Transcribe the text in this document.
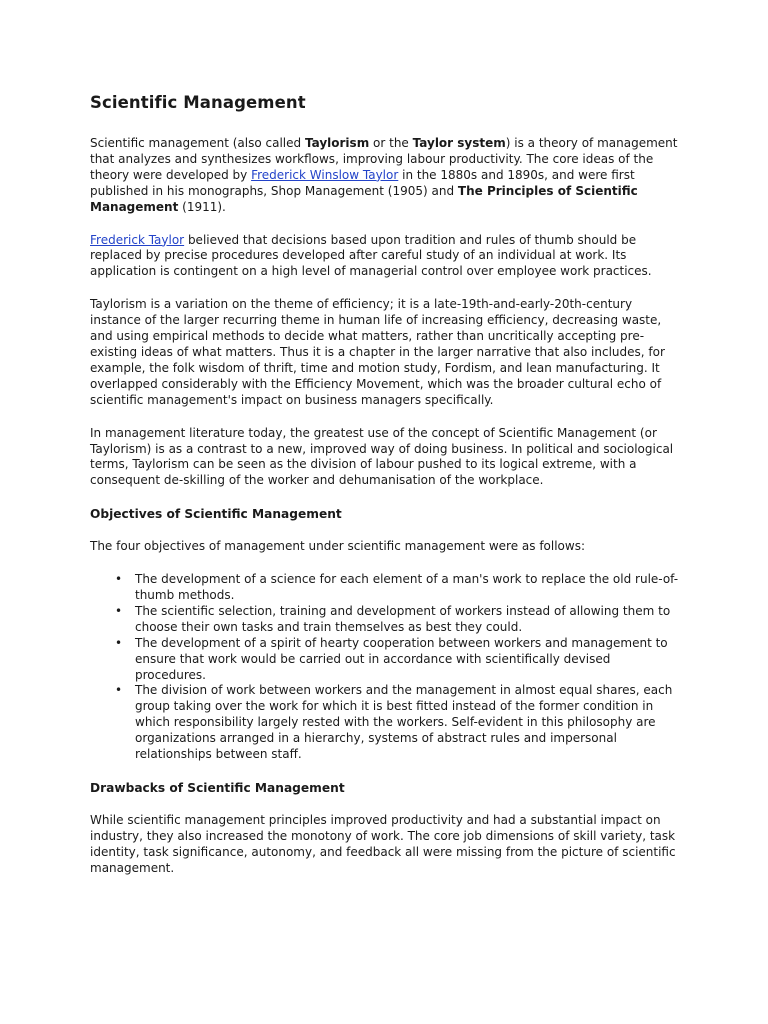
Scientific Management

Scientific management (also called Taylorism or the Taylor system) is a theory of management that analyzes and synthesizes workflows, improving labour productivity. The core ideas of the theory were developed by Frederick Winslow Taylor in the 1880s and 1890s, and were first published in his monographs, Shop Management (1905) and The Principles of Scientific Management (1911).

Frederick Taylor believed that decisions based upon tradition and rules of thumb should be replaced by precise procedures developed after careful study of an individual at work. Its application is contingent on a high level of managerial control over employee work practices.

Taylorism is a variation on the theme of efficiency; it is a late-19th-and-early-20th-century instance of the larger recurring theme in human life of increasing efficiency, decreasing waste, and using empirical methods to decide what matters, rather than uncritically accepting pre-existing ideas of what matters. Thus it is a chapter in the larger narrative that also includes, for example, the folk wisdom of thrift, time and motion study, Fordism, and lean manufacturing. It overlapped considerably with the Efficiency Movement, which was the broader cultural echo of scientific management's impact on business managers specifically.

In management literature today, the greatest use of the concept of Scientific Management (or Taylorism) is as a contrast to a new, improved way of doing business. In political and sociological terms, Taylorism can be seen as the division of labour pushed to its logical extreme, with a consequent de-skilling of the worker and dehumanisation of the workplace.

Objectives of Scientific Management

The four objectives of management under scientific management were as follows:

• The development of a science for each element of a man's work to replace the old rule-of-thumb methods.
• The scientific selection, training and development of workers instead of allowing them to choose their own tasks and train themselves as best they could.
• The development of a spirit of hearty cooperation between workers and management to ensure that work would be carried out in accordance with scientifically devised procedures.
• The division of work between workers and the management in almost equal shares, each group taking over the work for which it is best fitted instead of the former condition in which responsibility largely rested with the workers. Self-evident in this philosophy are organizations arranged in a hierarchy, systems of abstract rules and impersonal relationships between staff.
Drawbacks of Scientific Management

While scientific management principles improved productivity and had a substantial impact on industry, they also increased the monotony of work. The core job dimensions of skill variety, task identity, task significance, autonomy, and feedback all were missing from the picture of scientific management.
